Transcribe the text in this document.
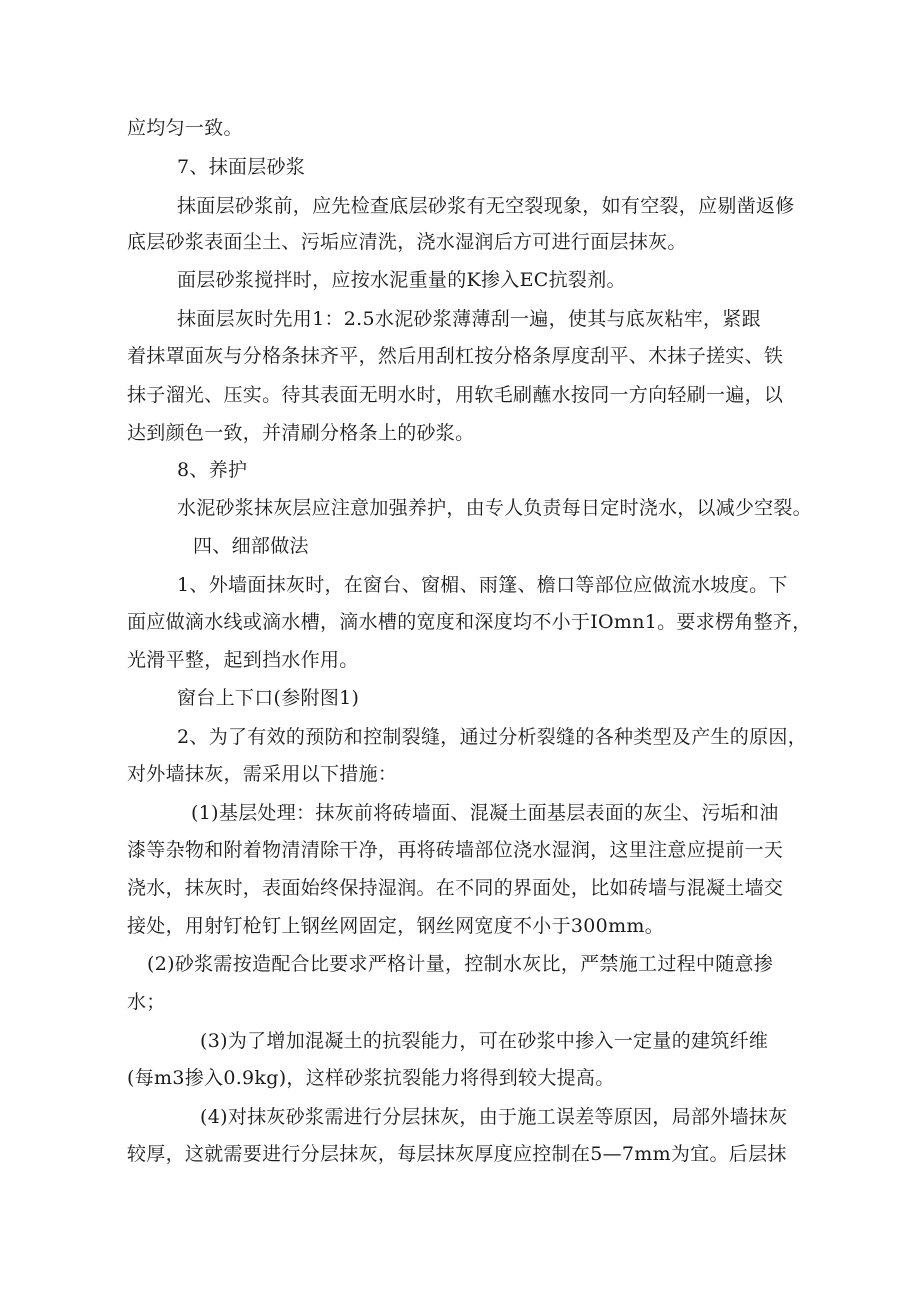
应均匀一致。
7、抹面层砂浆
抹面层砂浆前，应先检查底层砂浆有无空裂现象，如有空裂，应剔凿返修
底层砂浆表面尘土、污垢应清洗，浇水湿润后方可进行面层抹灰。
面层砂浆搅拌时，应按水泥重量的K掺入EC抗裂剂。
抹面层灰时先用1：2.5水泥砂浆薄薄刮一遍，使其与底灰粘牢，紧跟
着抹罩面灰与分格条抹齐平，然后用刮杠按分格条厚度刮平、木抹子搓实、铁
抹子溜光、压实。待其表面无明水时，用软毛刷蘸水按同一方向轻刷一遍，以
达到颜色一致，并清刷分格条上的砂浆。
8、养护
水泥砂浆抹灰层应注意加强养护，由专人负责每日定时浇水，以减少空裂。
四、细部做法
1、外墙面抹灰时，在窗台、窗楣、雨篷、檐口等部位应做流水坡度。下
面应做滴水线或滴水槽，滴水槽的宽度和深度均不小于IOmn1。要求楞角整齐，
光滑平整，起到挡水作用。
窗台上下口(参附图1)
2、为了有效的预防和控制裂缝，通过分析裂缝的各种类型及产生的原因，
对外墙抹灰，需采用以下措施：
(1)基层处理：抹灰前将砖墙面、混凝土面基层表面的灰尘、污垢和油
漆等杂物和附着物清清除干净，再将砖墙部位浇水湿润，这里注意应提前一天
浇水，抹灰时，表面始终保持湿润。在不同的界面处，比如砖墙与混凝土墙交
接处，用射钉枪钉上钢丝网固定，钢丝网宽度不小于300mm。
(2)砂浆需按造配合比要求严格计量，控制水灰比，严禁施工过程中随意掺
水；
(3)为了增加混凝土的抗裂能力，可在砂浆中掺入一定量的建筑纤维
(每m3掺入0.9kg)，这样砂浆抗裂能力将得到较大提高。
(4)对抹灰砂浆需进行分层抹灰，由于施工误差等原因，局部外墙抹灰
较厚，这就需要进行分层抹灰，每层抹灰厚度应控制在5—7mm为宜。后层抹
